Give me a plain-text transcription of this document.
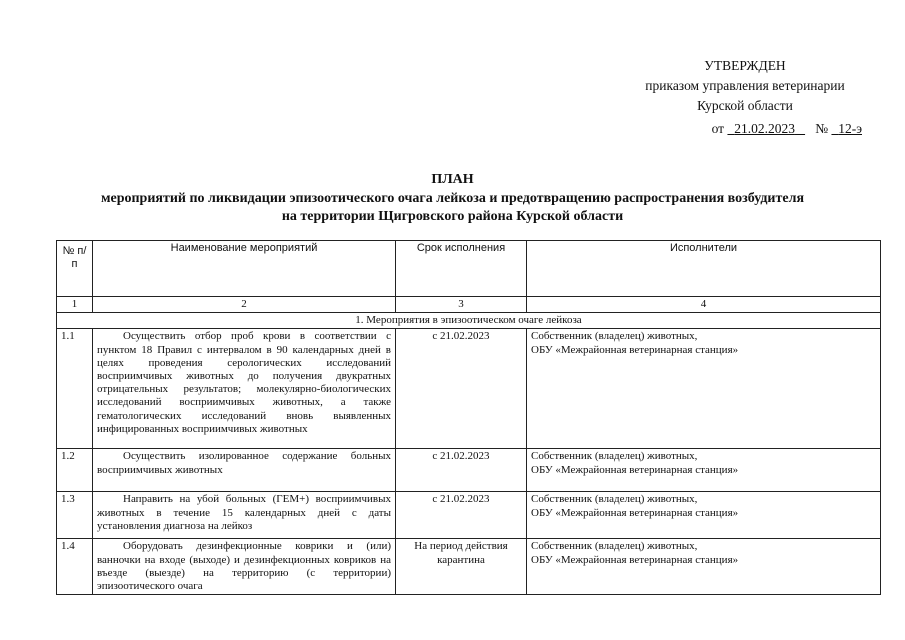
УТВЕРЖДЕН
приказом управления ветеринарии
Курской области
от 21.02.2023 № 12-э
ПЛАН
мероприятий по ликвидации эпизоотического очага лейкоза и предотвращению распространения возбудителя
на территории Щигровского района Курской области
№ п/п	Наименование мероприятий	Срок исполнения	Исполнители
1	2	3	4
1. Мероприятия в эпизоотическом очаге лейкоза			
1.1	Осуществить отбор проб крови в соответствии с пунктом 18 Правил с интервалом в 90 календарных дней в целях проведения серологических исследований восприимчивых животных до получения двукратных отрицательных результатов; молекулярно-биологических исследований восприимчивых животных, а также гематологических исследований вновь выявленных инфицированных восприимчивых животных	с 21.02.2023	Собственник (владелец) животных,
ОБУ «Межрайонная ветеринарная станция»

1.2	Осуществить изолированное содержание больных восприимчивых животных	с 21.02.2023	Собственник (владелец) животных,
ОБУ «Межрайонная ветеринарная станция»

1.3	Направить на убой больных (ГЕМ+) восприимчивых животных в течение 15 календарных дней с даты установления диагноза на лейкоз	с 21.02.2023	Собственник (владелец) животных,
ОБУ «Межрайонная ветеринарная станция»

1.4	Оборудовать дезинфекционные коврики и (или) ванночки на входе (выходе) и дезинфекционных ковриков на въезде (выезде) на территорию (с территории) эпизоотического очага	На период действия карантина	Собственник (владелец) животных,
ОБУ «Межрайонная ветеринарная станция»
